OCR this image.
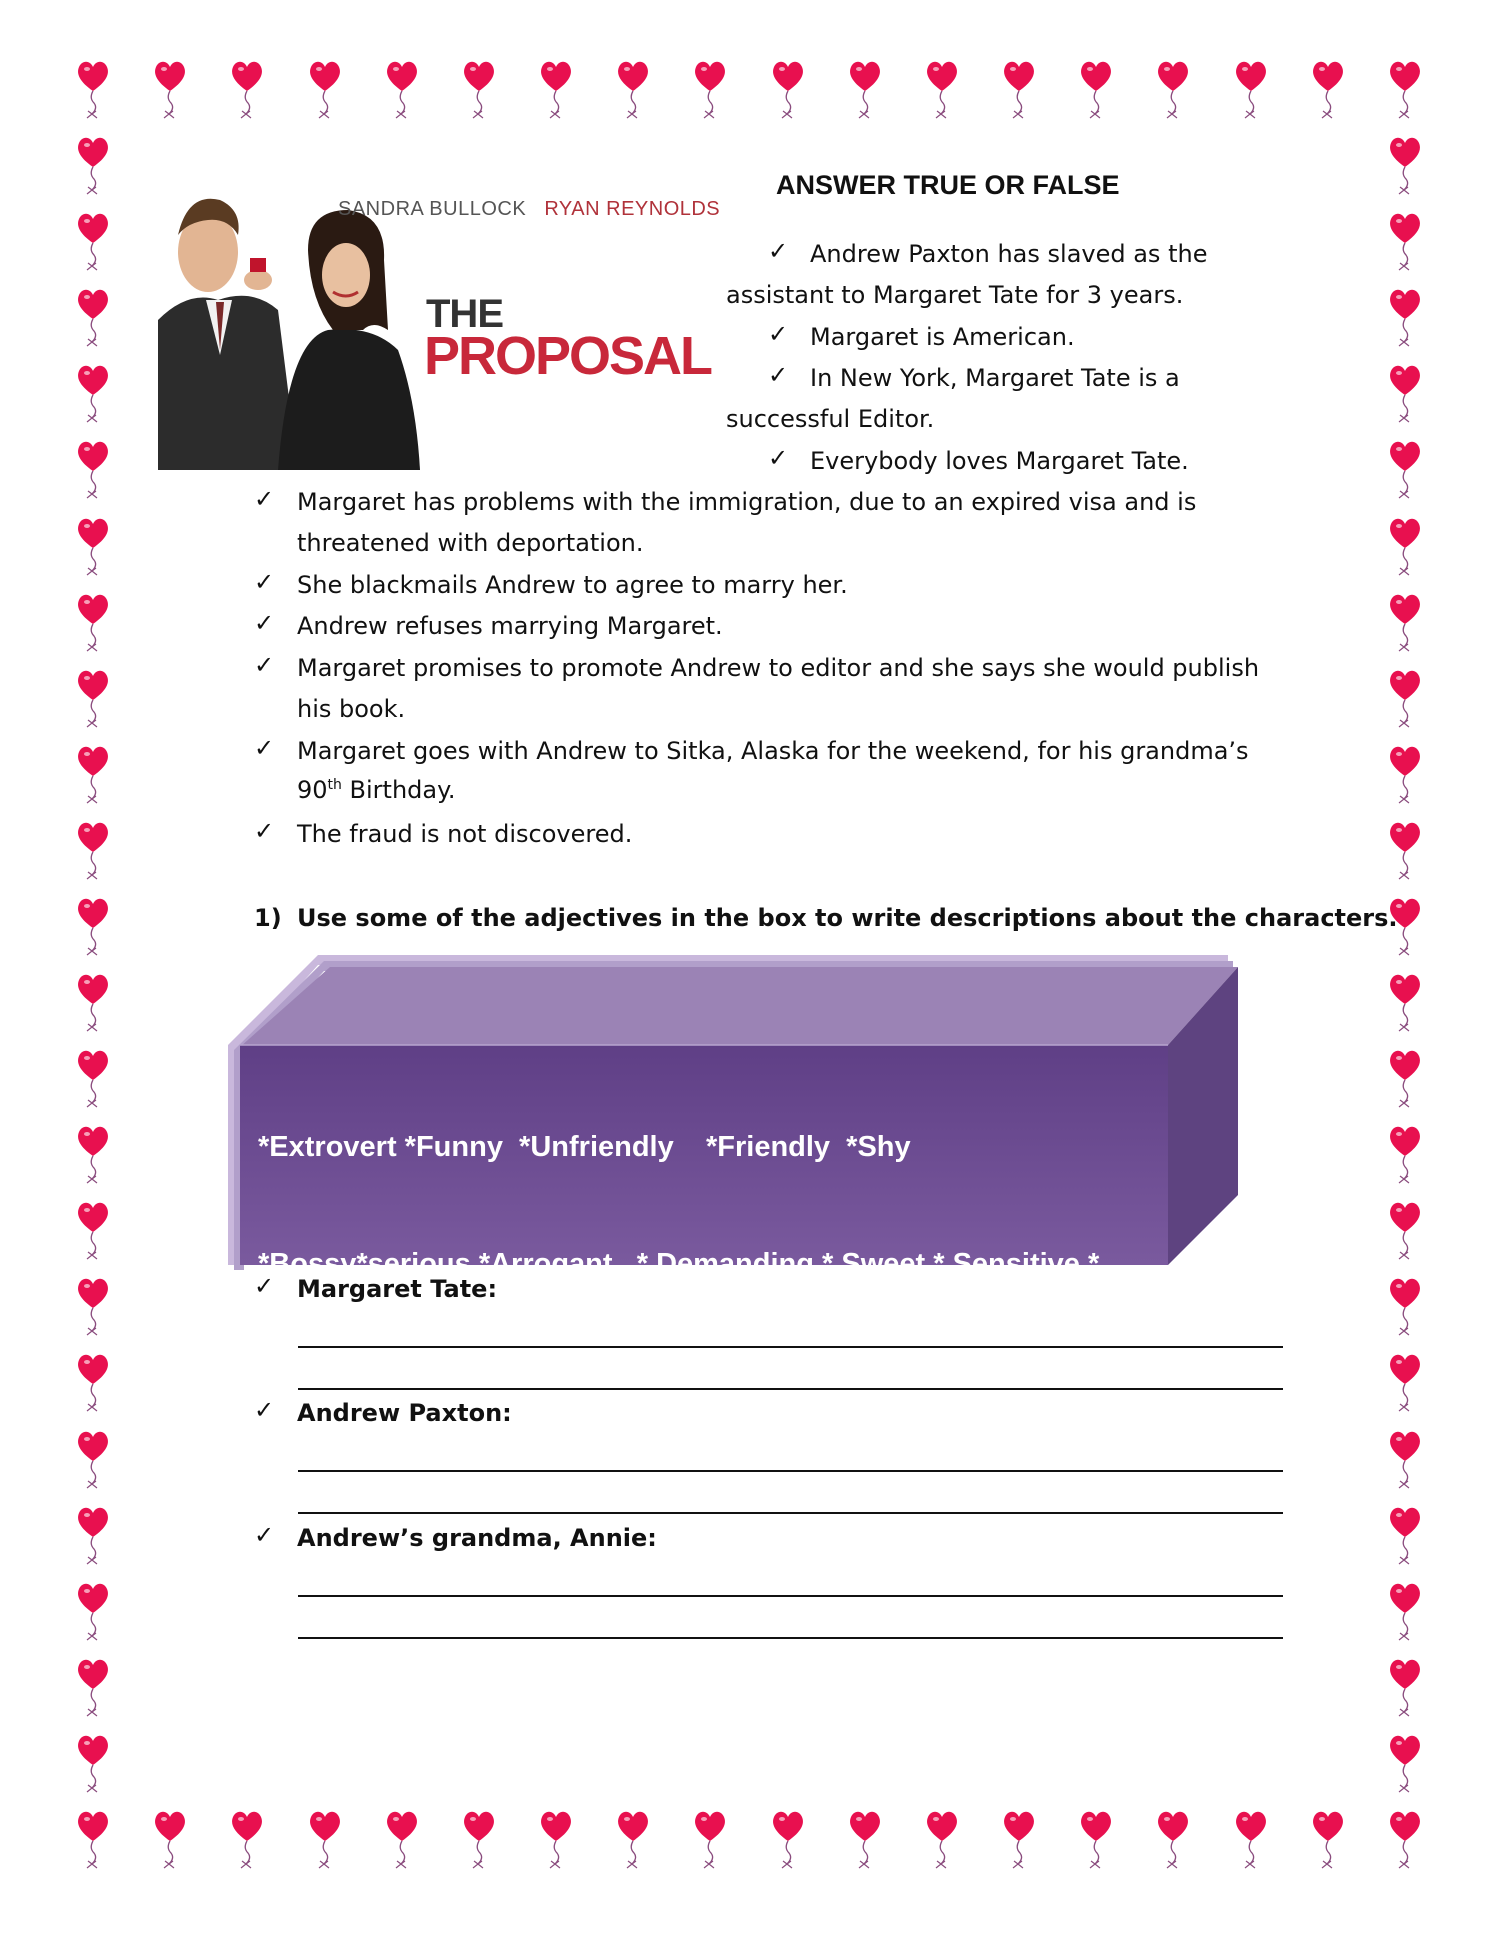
SANDRA BULLOCK RYAN REYNOLDS
THE
PROPOSAL
ANSWER TRUE OR FALSE
✓ Andrew Paxton has slaved as the
assistant to Margaret Tate for 3 years.
✓ Margaret is American.
✓ In New York, Margaret Tate is a
successful Editor.
✓ Everybody loves Margaret Tate.
✓ Margaret has problems with the immigration, due to an expired visa and is
threatened with deportation.
✓ She blackmails Andrew to agree to marry her.
✓ Andrew refuses marrying Margaret.
✓ Margaret promises to promote Andrew to editor and she says she would publish
his book.
✓ Margaret goes with Andrew to Sitka, Alaska for the weekend, for his grandma’s
90th Birthday.
✓ The fraud is not discovered.
1) Use some of the adjectives in the box to write descriptions about the characters.

*Extrovert *Funny  *Unfriendly    *Friendly  *Shy

*Bossy*serious *Arrogant   * Demanding * Sweet * Sensitive *

Boring * Quiet*Talkative * Handsome *Heavy*Short* Good-

looking*Pretty* Egotistical *Insecure   *Secure *Sarcastic *

Talented * Thin * Hardworking *hypocrite * Grateful

✓ Margaret Tate:
✓ Andrew Paxton:
✓ Andrew’s grandma, Annie:
